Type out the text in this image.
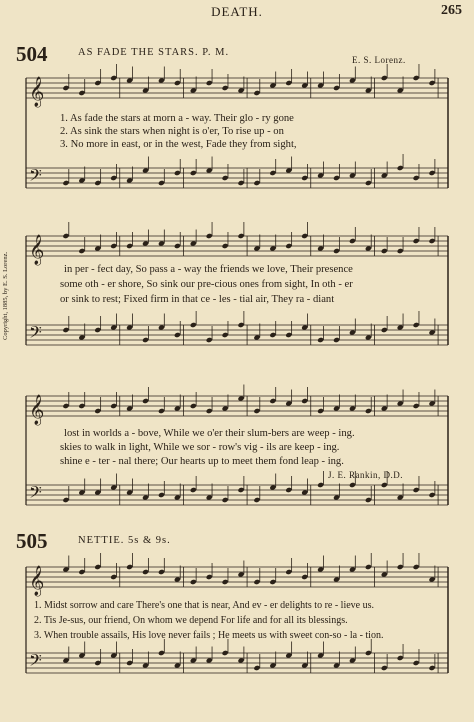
DEATH.	265
504	AS FADE THE STARS. P. M.
E. S. Lorenz.
Copyright, 1885, by E. S. Lorenz.
1. As fade the stars at morn a - way. Their glo - ry gone
2. As sink the stars when night is o'er, To rise up - on
3. No more in east, or in the west, Fade they from sight,
in per - fect day, So pass a - way the friends we love, Their presence
some oth - er shore, So sink our pre-cious ones from sight, In oth - er
or sink to rest; Fixed firm in that ce - les - tial air, They ra - diant
lost in worlds a - bove, While we o'er their slum-bers are weep - ing.
skies to walk in light, While we sor - row's vig - ils are keep - ing.
shine e - ter - nal there; Our hearts up to meet them fond leap - ing.
J. E. Rankin, D.D.
505	NETTIE. 5s & 9s.
1. Midst sorrow and care There's one that is near, And ev - er delights to re - lieve us.
2. Tis Je-sus, our friend, On whom we depend For life and for all its blessings.
3. When trouble assails, His love never fails ; He meets us with sweet con-so - la - tion.
𝄞
𝄢
𝄞
𝄢
𝄞
𝄢
𝄞
𝄢
